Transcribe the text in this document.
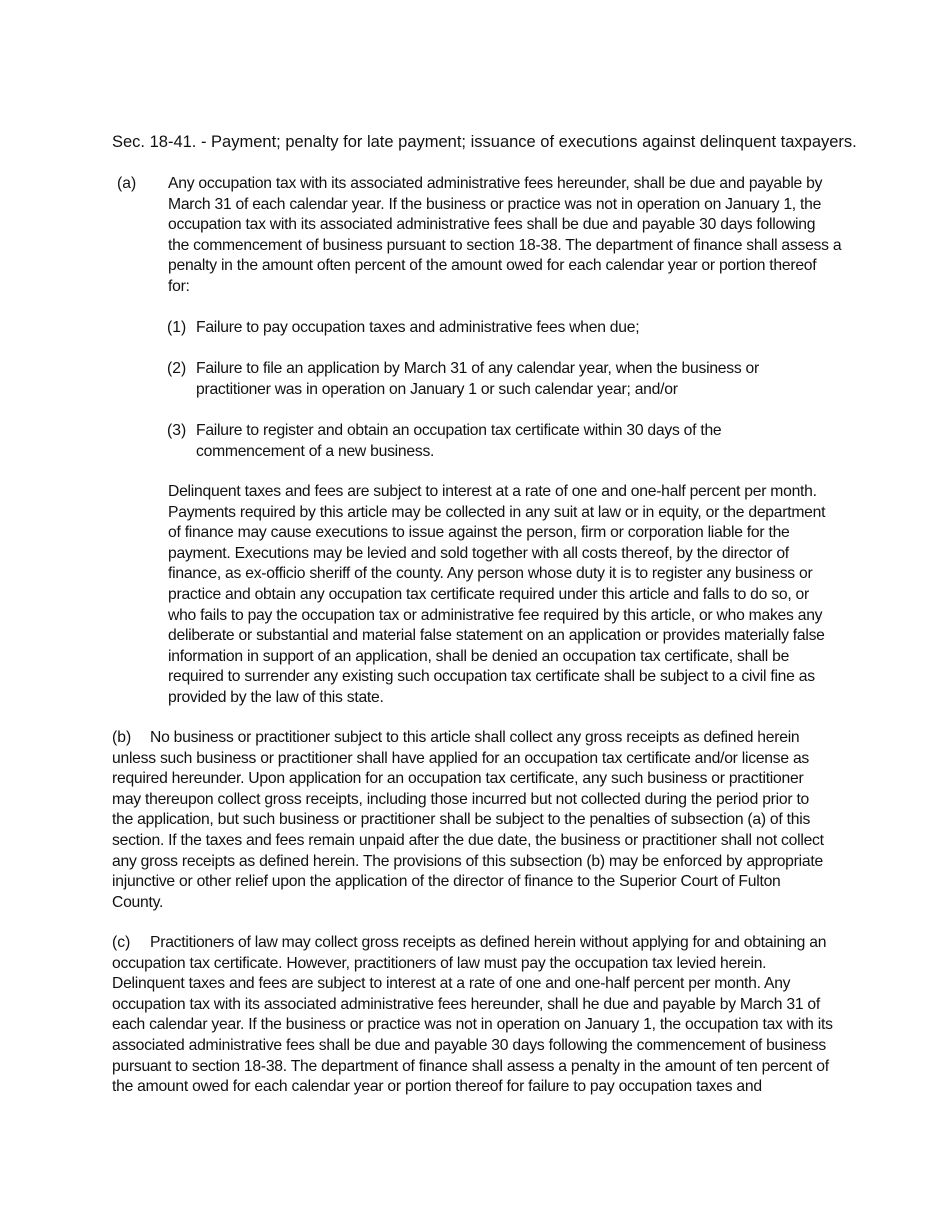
Sec. 18-41. - Payment; penalty for late payment; issuance of executions against delinquent taxpayers.
(a) Any occupation tax with its associated administrative fees hereunder, shall be due and payable by
March 31 of each calendar year. If the business or practice was not in operation on January 1, the
occupation tax with its associated administrative fees shall be due and payable 30 days following
the commencement of business pursuant to section 18-38. The department of finance shall assess a
penalty in the amount often percent of the amount owed for each calendar year or portion thereof
for:
(1) Failure to pay occupation taxes and administrative fees when due;
(2) Failure to file an application by March 31 of any calendar year, when the business or
practitioner was in operation on January 1 or such calendar year; and/or
(3) Failure to register and obtain an occupation tax certificate within 30 days of the
commencement of a new business.
Delinquent taxes and fees are subject to interest at a rate of one and one-half percent per month.
Payments required by this article may be collected in any suit at law or in equity, or the department
of finance may cause executions to issue against the person, firm or corporation liable for the
payment. Executions may be levied and sold together with all costs thereof, by the director of
finance, as ex-officio sheriff of the county. Any person whose duty it is to register any business or
practice and obtain any occupation tax certificate required under this article and falls to do so, or
who fails to pay the occupation tax or administrative fee required by this article, or who makes any
deliberate or substantial and material false statement on an application or provides materially false
information in support of an application, shall be denied an occupation tax certificate, shall be
required to surrender any existing such occupation tax certificate shall be subject to a civil fine as
provided by the law of this state.
(b)	No business or practitioner subject to this article shall collect any gross receipts as defined herein
unless such business or practitioner shall have applied for an occupation tax certificate and/or license as
required hereunder. Upon application for an occupation tax certificate, any such business or practitioner
may thereupon collect gross receipts, including those incurred but not collected during the period prior to
the application, but such business or practitioner shall be subject to the penalties of subsection (a) of this
section. If the taxes and fees remain unpaid after the due date, the business or practitioner shall not collect
any gross receipts as defined herein. The provisions of this subsection (b) may be enforced by appropriate
injunctive or other relief upon the application of the director of finance to the Superior Court of Fulton
County.
(c)	Practitioners of law may collect gross receipts as defined herein without applying for and obtaining an
occupation tax certificate. However, practitioners of law must pay the occupation tax levied herein.
Delinquent taxes and fees are subject to interest at a rate of one and one-half percent per month. Any
occupation tax with its associated administrative fees hereunder, shall he due and payable by March 31 of
each calendar year. If the business or practice was not in operation on January 1, the occupation tax with its
associated administrative fees shall be due and payable 30 days following the commencement of business
pursuant to section 18-38. The department of finance shall assess a penalty in the amount of ten percent of
the amount owed for each calendar year or portion thereof for failure to pay occupation taxes and
